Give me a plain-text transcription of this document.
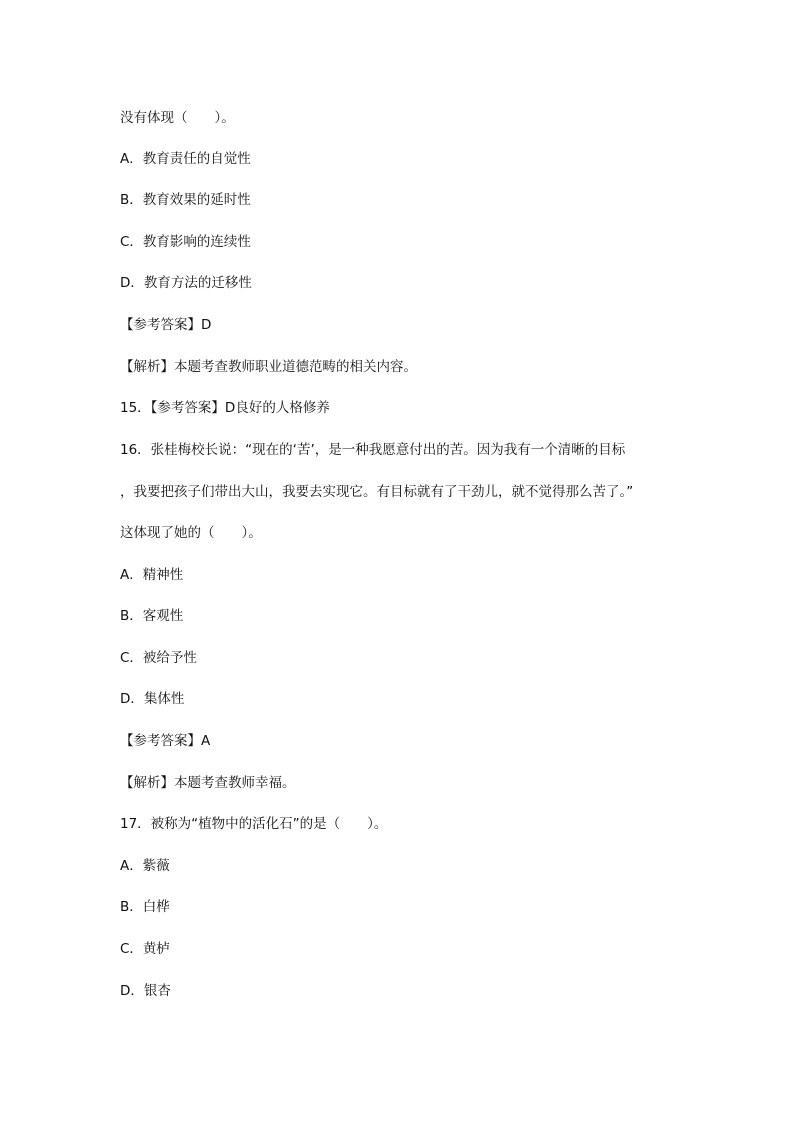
没有体现（　　）。
A．教育责任的自觉性
B．教育效果的延时性
C．教育影响的连续性
D．教育方法的迁移性
【参考答案】D
【解析】本题考查教师职业道德范畴的相关内容。
15．【参考答案】D良好的人格修养
16．张桂梅校长说：“现在的‘苦’，是一种我愿意付出的苦。因为我有一个清晰的目标
，我要把孩子们带出大山，我要去实现它。有目标就有了干劲儿，就不觉得那么苦了。”
这体现了她的（　　）。
A．精神性
B．客观性
C．被给予性
D．集体性
【参考答案】A
【解析】本题考查教师幸福。
17．被称为“植物中的活化石”的是（　　）。
A．紫薇
B．白桦
C．黄栌
D．银杏
